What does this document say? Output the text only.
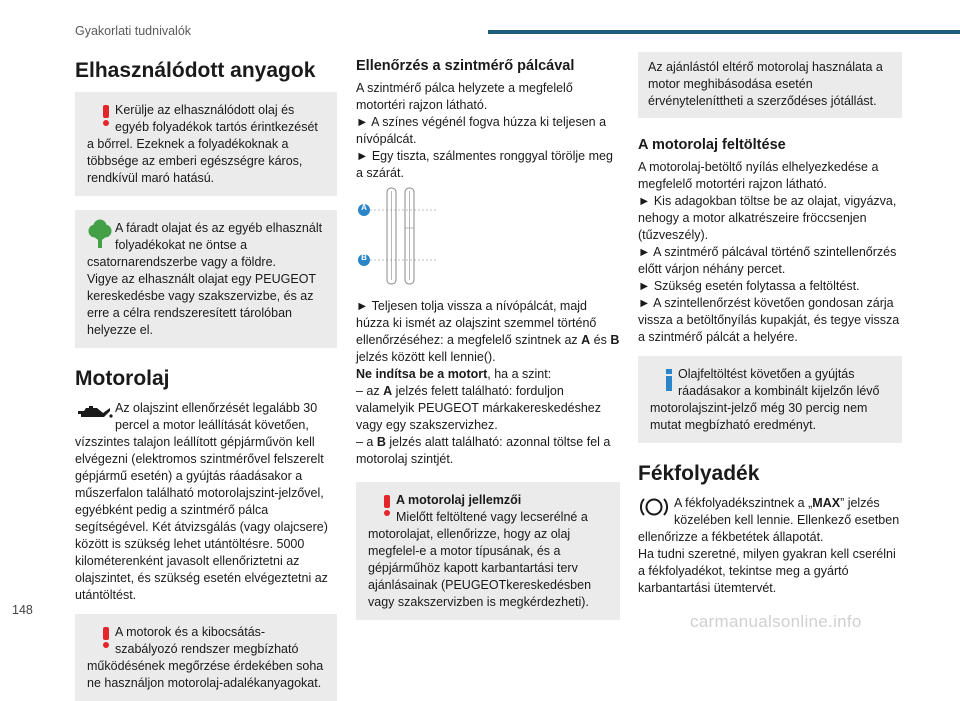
Gyakorlati tudnivalók
Elhasználódott anyagok
Kerülje az elhasználódott olaj és egyéb folyadékok tartós érintkezését a bőrrel. Ezeknek a folyadékoknak a többsége az emberi egészségre káros, rendkívül maró hatású.
A fáradt olajat és az egyéb elhasznált folyadékokat ne öntse a csatornarendszerbe vagy a földre.
Vigye az elhasznált olajat egy PEUGEOT kereskedésbe vagy szakszervizbe, és az erre a célra rendszeresített tárolóban helyezze el.
Motorolaj

Az olajszint ellenőrzését legalább 30 percel a motor leállítását követően, vízszintes talajon leállított gépjárművön kell elvégezni (elektromos szintmérővel felszerelt gépjármű esetén) a gyújtás ráadásakor a műszerfalon található motorolajszint-jelzővel, egyébként pedig a szintmérő pálca segítségével. Két átvizsgálás (vagy olajcsere) között is szükség lehet utántöltésre. 5000 kilométerenként javasolt ellenőriztetni az olajszintet, és szükség esetén elvégeztetni az utántöltést.

A motorok és a kibocsátás-szabályozó rendszer megbízható működésének megőrzése érdekében soha ne használjon motorolaj-adalékanyagokat.
Ellenőrzés a szintmérő pálcával

A szintmérő pálca helyzete a megfelelő motortéri rajzon látható.

► A színes végénél fogva húzza ki teljesen a nívópálcát.

► Egy tiszta, szálmentes ronggyal törölje meg a szárát.

A
B

► Teljesen tolja vissza a nívópálcát, majd húzza ki ismét az olajszint szemmel történő ellenőrzéséhez: a megfelelő szintnek az A és B jelzés között kell lennie().

Ne indítsa be a motort, ha a szint:

– az A jelzés felett található: forduljon valamelyik PEUGEOT márkakereskedéshez vagy egy szakszervizhez.

– a B jelzés alatt található: azonnal töltse fel a motorolaj szintjét.

A motorolaj jellemzői
Mielőtt feltöltené vagy lecserélné a motorolajat, ellenőrizze, hogy az olaj megfelel-e a motor típusának, és a gépjárműhöz kapott karbantartási terv ajánlásainak (PEUGEOTkereskedésben vagy szakszervizben is megkérdezheti).
Az ajánlástól eltérő motorolaj használata a motor meghibásodása esetén érvényteleníttheti a szerződéses jótállást.
A motorolaj feltöltése

A motorolaj-betöltő nyílás elhelyezkedése a megfelelő motortéri rajzon látható.

► Kis adagokban töltse be az olajat, vigyázva, nehogy a motor alkatrészeire fröccsenjen (tűzveszély).

► A szintmérő pálcával történő szintellenőrzés előtt várjon néhány percet.

► Szükség esetén folytassa a feltöltést.

► A szintellenőrzést követően gondosan zárja vissza a betöltőnyílás kupakját, és tegye vissza a szintmérő pálcát a helyére.

Olajfeltöltést követően a gyújtás ráadásakor a kombinált kijelzőn lévő motorolajszint-jelző még 30 percig nem mutat megbízható eredményt.
Fékfolyadék

A fékfolyadékszintnek a „MAX” jelzés közelében kell lennie. Ellenkező esetben ellenőrizze a fékbetétek állapotát.

Ha tudni szeretné, milyen gyakran kell cserélni a fékfolyadékot, tekintse meg a gyártó karbantartási ütemtervét.

148
carmanualsonline.info
